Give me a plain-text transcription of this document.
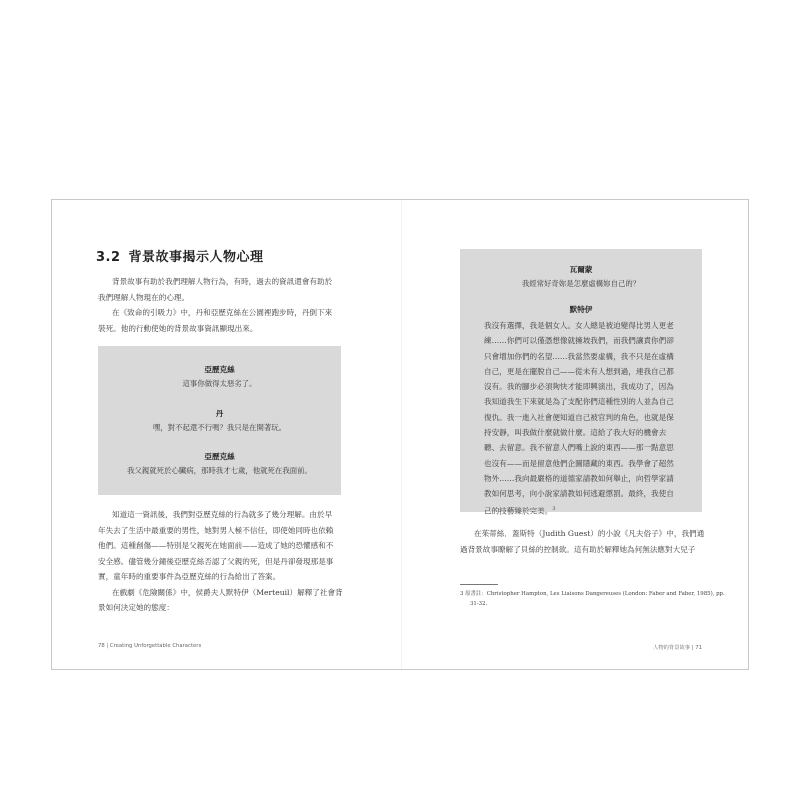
3.2 背景故事揭示人物心理
背景故事有助於我們理解人物行為，有時，過去的資訊還會有助於
我們理解人物現在的心理。
在《致命的引吸力》中，丹和亞歷克絲在公園裡跑步時，丹倒下來
裝死。他的行動使她的背景故事資訊顯現出來。
亞歷克絲
這事你做得太惡劣了。
丹
嘿，對不起還不行嗎？我只是在開著玩。
亞歷克絲
我父親就死於心臟病，那時我才七歲，他就死在我面前。
知道這一資訊後，我們對亞歷克絲的行為就多了幾分理解。由於早
年失去了生活中最重要的男性，她對男人極不信任，即使她同時也依賴
他們。這種創傷——特別是父親死在她面前——造成了她的恐懼感和不
安全感。儘管幾分鐘後亞歷克絲否認了父親的死，但是丹卻發現那是事
實，童年時的重要事件為亞歷克絲的行為給出了答案。
在戲劇《危險關係》中，侯爵夫人默特伊（Merteuil）解釋了社會背
景如何決定她的態度：
78 | Creating Unforgettable Characters
瓦爾蒙
我經常好奇妳是怎麼虛構妳自己的？
默特伊
我沒有選擇，我是個女人。女人總是被迫變得比男人更老
練……你們可以僅憑想像就擁坡我們，而我們讓責你們卻
只會增加你們的名望……我當然要虛構，我不只是在虛構
自己，更是在擺脫自己——從未有人想到過，連我自己都
沒有。我的腳步必須夠快才能即興演出，我成功了，因為
我知道我生下來就是為了支配你們這種性別的人並為自己
復仇。我一進入社會便知道自己被官判的角色，也就是保
持安靜，叫我做什麼就做什麼。這給了我大好的機會去
聽、去留意。我不留意人們嘴上說的東西——那一點意思
也沒有——而是留意他們企圖隱藏的東西。我學會了超然
物外……我向最嚴格的道德家請教如何舉止，向哲學家請
教如何思考，向小說家請教如何逃避懲罰。最終，我使自
己的技藝臻於完美。$^3$
在茱蒂絲．蓋斯特（Judith Guest）的小說《凡夫俗子》中，我們通
過背景故事瞭解了貝絲的控制欲。這有助於解釋她為何無法應對大兒子
3 原書註：Christopher Hampton, Les Liaisons Dangereuses (London: Faber and Faber, 1985), pp.
31-32.
人物的背景故事 | 71
